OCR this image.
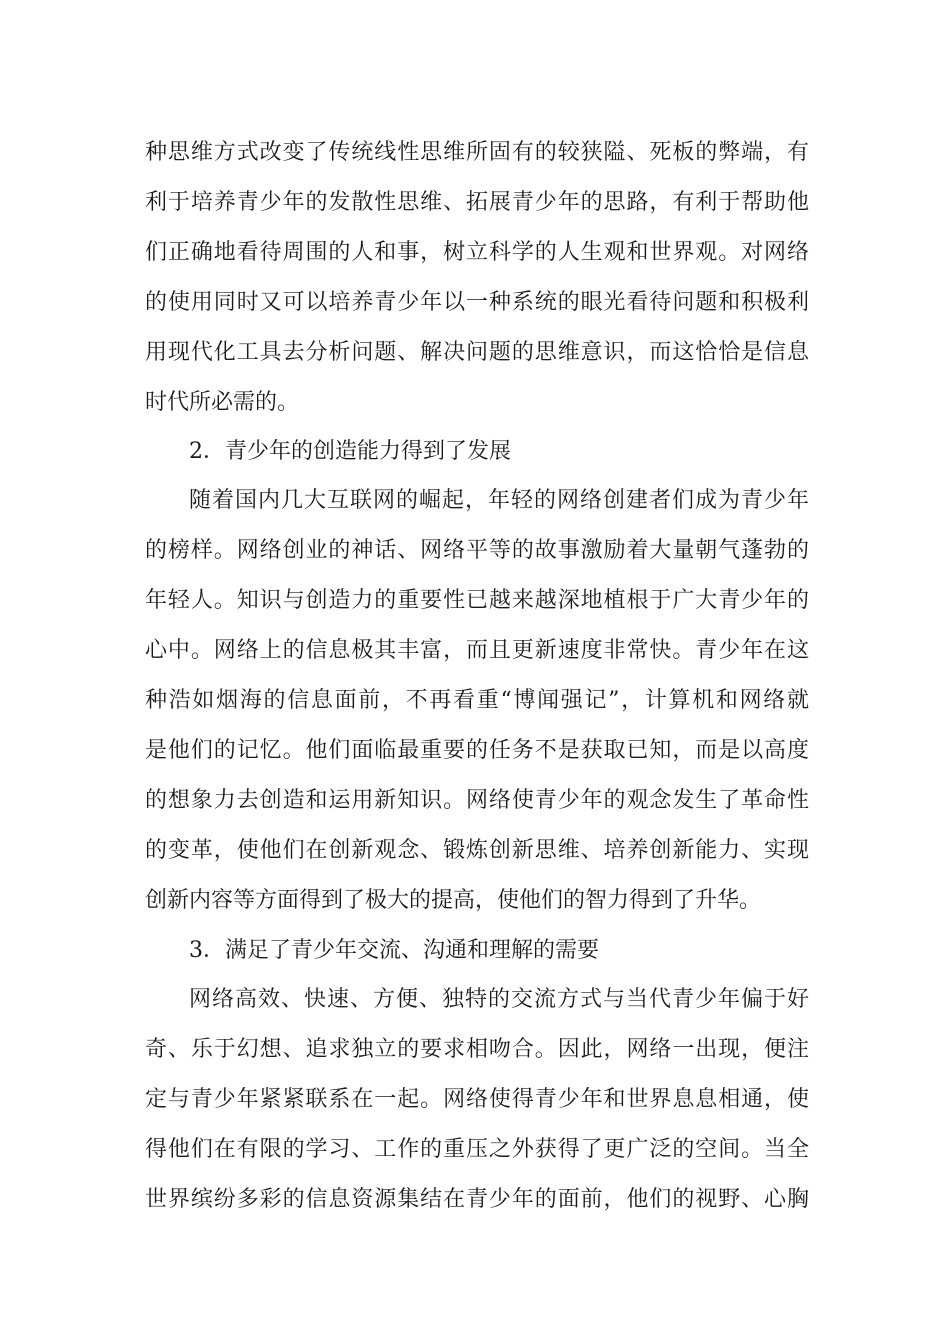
种思维方式改变了传统线性思维所固有的较狭隘、死板的弊端，有
利于培养青少年的发散性思维、拓展青少年的思路，有利于帮助他
们正确地看待周围的人和事，树立科学的人生观和世界观。对网络
的使用同时又可以培养青少年以一种系统的眼光看待问题和积极利
用现代化工具去分析问题、解决问题的思维意识，而这恰恰是信息
时代所必需的。
2．青少年的创造能力得到了发展
随着国内几大互联网的崛起，年轻的网络创建者们成为青少年
的榜样。网络创业的神话、网络平等的故事激励着大量朝气蓬勃的
年轻人。知识与创造力的重要性已越来越深地植根于广大青少年的
心中。网络上的信息极其丰富，而且更新速度非常快。青少年在这
种浩如烟海的信息面前，不再看重“博闻强记”，计算机和网络就
是他们的记忆。他们面临最重要的任务不是获取已知，而是以高度
的想象力去创造和运用新知识。网络使青少年的观念发生了革命性
的变革，使他们在创新观念、锻炼创新思维、培养创新能力、实现
创新内容等方面得到了极大的提高，使他们的智力得到了升华。
3．满足了青少年交流、沟通和理解的需要
网络高效、快速、方便、独特的交流方式与当代青少年偏于好
奇、乐于幻想、追求独立的要求相吻合。因此，网络一出现，便注
定与青少年紧紧联系在一起。网络使得青少年和世界息息相通，使
得他们在有限的学习、工作的重压之外获得了更广泛的空间。当全
世界缤纷多彩的信息资源集结在青少年的面前，他们的视野、心胸
